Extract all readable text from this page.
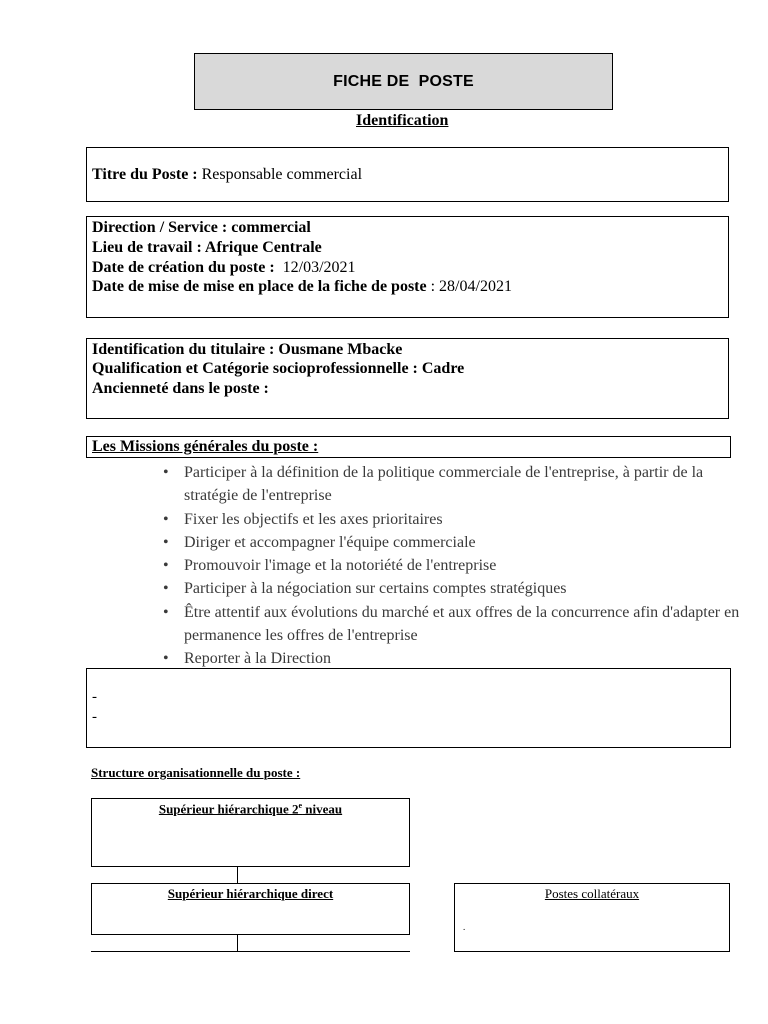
FICHE DE  POSTE
Identification
Titre du Poste : Responsable commercial
Direction / Service : commercial
Lieu de travail : Afrique Centrale
Date de création du poste : 12/03/2021
Date de mise de mise en place de la fiche de poste : 28/04/2021
Identification du titulaire : Ousmane Mbacke
Qualification et Catégorie socioprofessionnelle : Cadre
Ancienneté dans le poste :
Les Missions générales du poste :
• Participer à la définition de la politique commerciale de l'entreprise, à partir de la stratégie de l'entreprise
• Fixer les objectifs et les axes prioritaires
• Diriger et accompagner l'équipe commerciale
• Promouvoir l'image et la notoriété de l'entreprise
• Participer à la négociation sur certains comptes stratégiques
• Être attentif aux évolutions du marché et aux offres de la concurrence afin d'adapter en permanence les offres de l'entreprise
• Reporter à la Direction
-
-
Structure organisationnelle du poste :
Supérieur hiérarchique 2e niveau
Supérieur hiérarchique direct	Postes collatéraux
.
